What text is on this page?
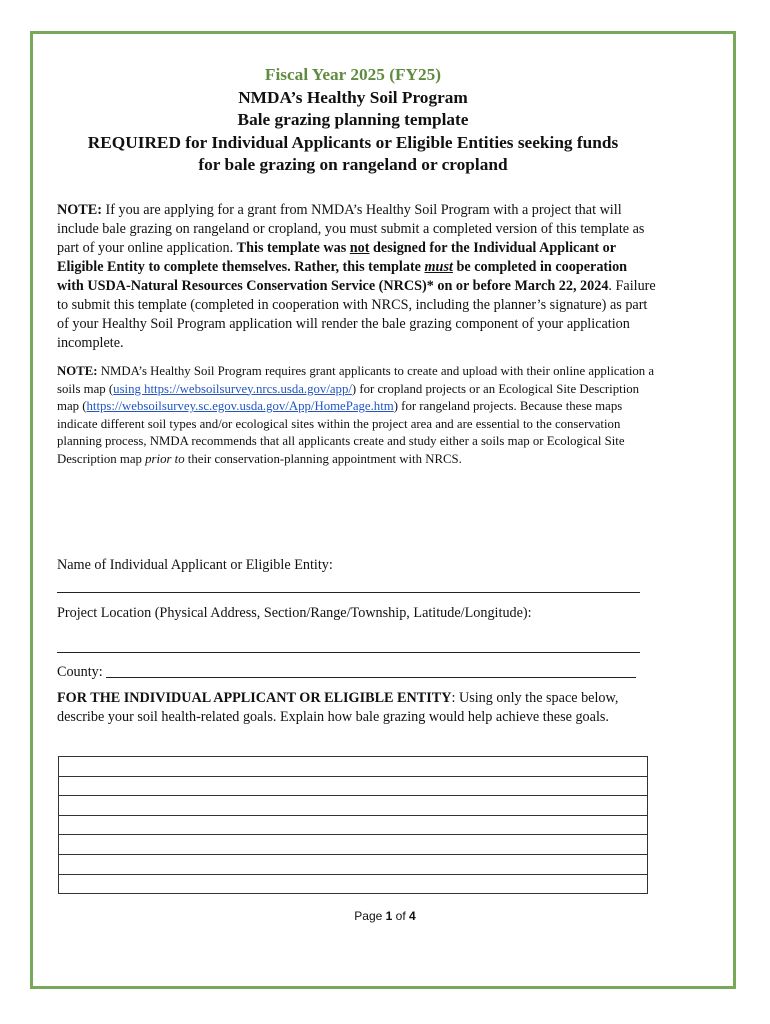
Fiscal Year 2025 (FY25)
NMDA’s Healthy Soil Program
Bale grazing planning template
REQUIRED for Individual Applicants or Eligible Entities seeking funds
for bale grazing on rangeland or cropland
NOTE: If you are applying for a grant from NMDA’s Healthy Soil Program with a project that will include bale grazing on rangeland or cropland, you must submit a completed version of this template as part of your online application. This template was not designed for the Individual Applicant or Eligible Entity to complete themselves. Rather, this template must be completed in cooperation with USDA-Natural Resources Conservation Service (NRCS)* on or before March 22, 2024. Failure to submit this template (completed in cooperation with NRCS, including the planner’s signature) as part of your Healthy Soil Program application will render the bale grazing component of your application incomplete.
NOTE: NMDA’s Healthy Soil Program requires grant applicants to create and upload with their online application a soils map (using https://websoilsurvey.nrcs.usda.gov/app/) for cropland projects or an Ecological Site Description map (https://websoilsurvey.sc.egov.usda.gov/App/HomePage.htm) for rangeland projects. Because these maps indicate different soil types and/or ecological sites within the project area and are essential to the conservation planning process, NMDA recommends that all applicants create and study either a soils map or Ecological Site Description map prior to their conservation-planning appointment with NRCS.
Name of Individual Applicant or Eligible Entity:
Project Location (Physical Address, Section/Range/Township, Latitude/Longitude):
County:
FOR THE INDIVIDUAL APPLICANT OR ELIGIBLE ENTITY: Using only the space below, describe your soil health-related goals. Explain how bale grazing would help achieve these goals.

Page 1 of 4
